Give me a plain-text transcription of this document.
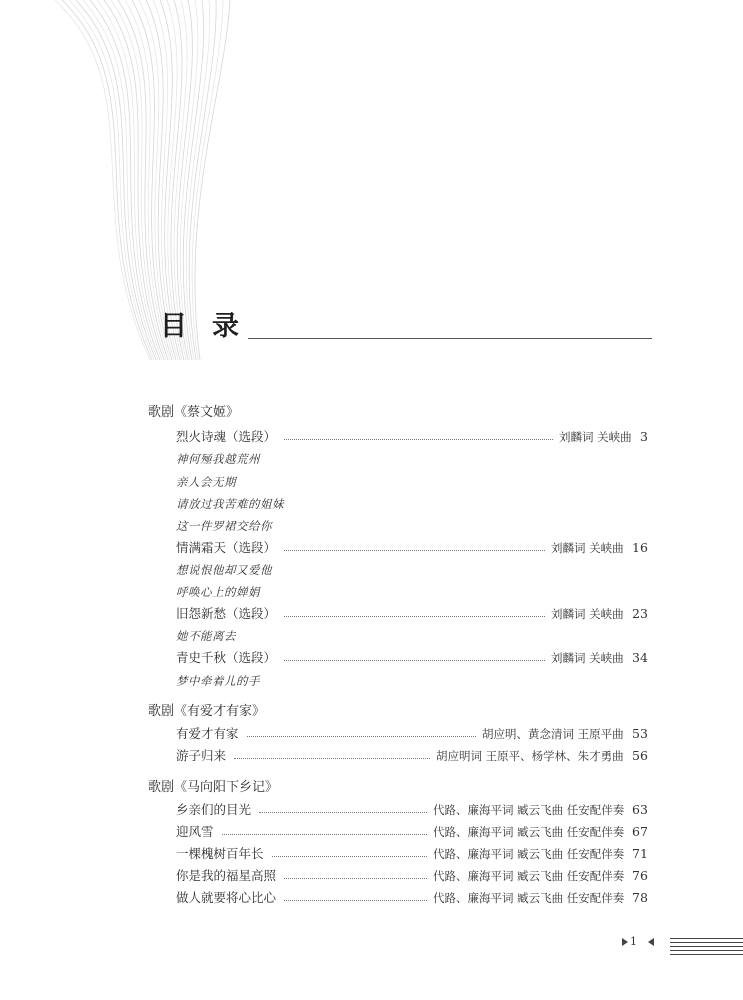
目 录
歌剧《蔡文姬》
烈火诗魂（选段）	刘麟词 关峡曲 3
神何殛我越荒州
亲人会无期
请放过我苦难的姐妹
这一件罗裙交给你
情满霜天（选段）	刘麟词 关峡曲 16
想说恨他却又爱他
呼唤心上的婵娟
旧怨新愁（选段）	刘麟词 关峡曲 23
她不能离去
青史千秋（选段）	刘麟词 关峡曲 34
梦中牵着儿的手
歌剧《有爱才有家》
有爱才有家	胡应明、黄念清词 王原平曲 53
游子归来	胡应明词 王原平、杨学林、朱才勇曲 56
歌剧《马向阳下乡记》
乡亲们的目光	代路、廉海平词 臧云飞曲 任安配伴奏 63
迎风雪	代路、廉海平词 臧云飞曲 任安配伴奏 67
一棵槐树百年长	代路、廉海平词 臧云飞曲 任安配伴奏 71
你是我的福星高照	代路、廉海平词 臧云飞曲 任安配伴奏 76
做人就要将心比心	代路、廉海平词 臧云飞曲 任安配伴奏 78
1
